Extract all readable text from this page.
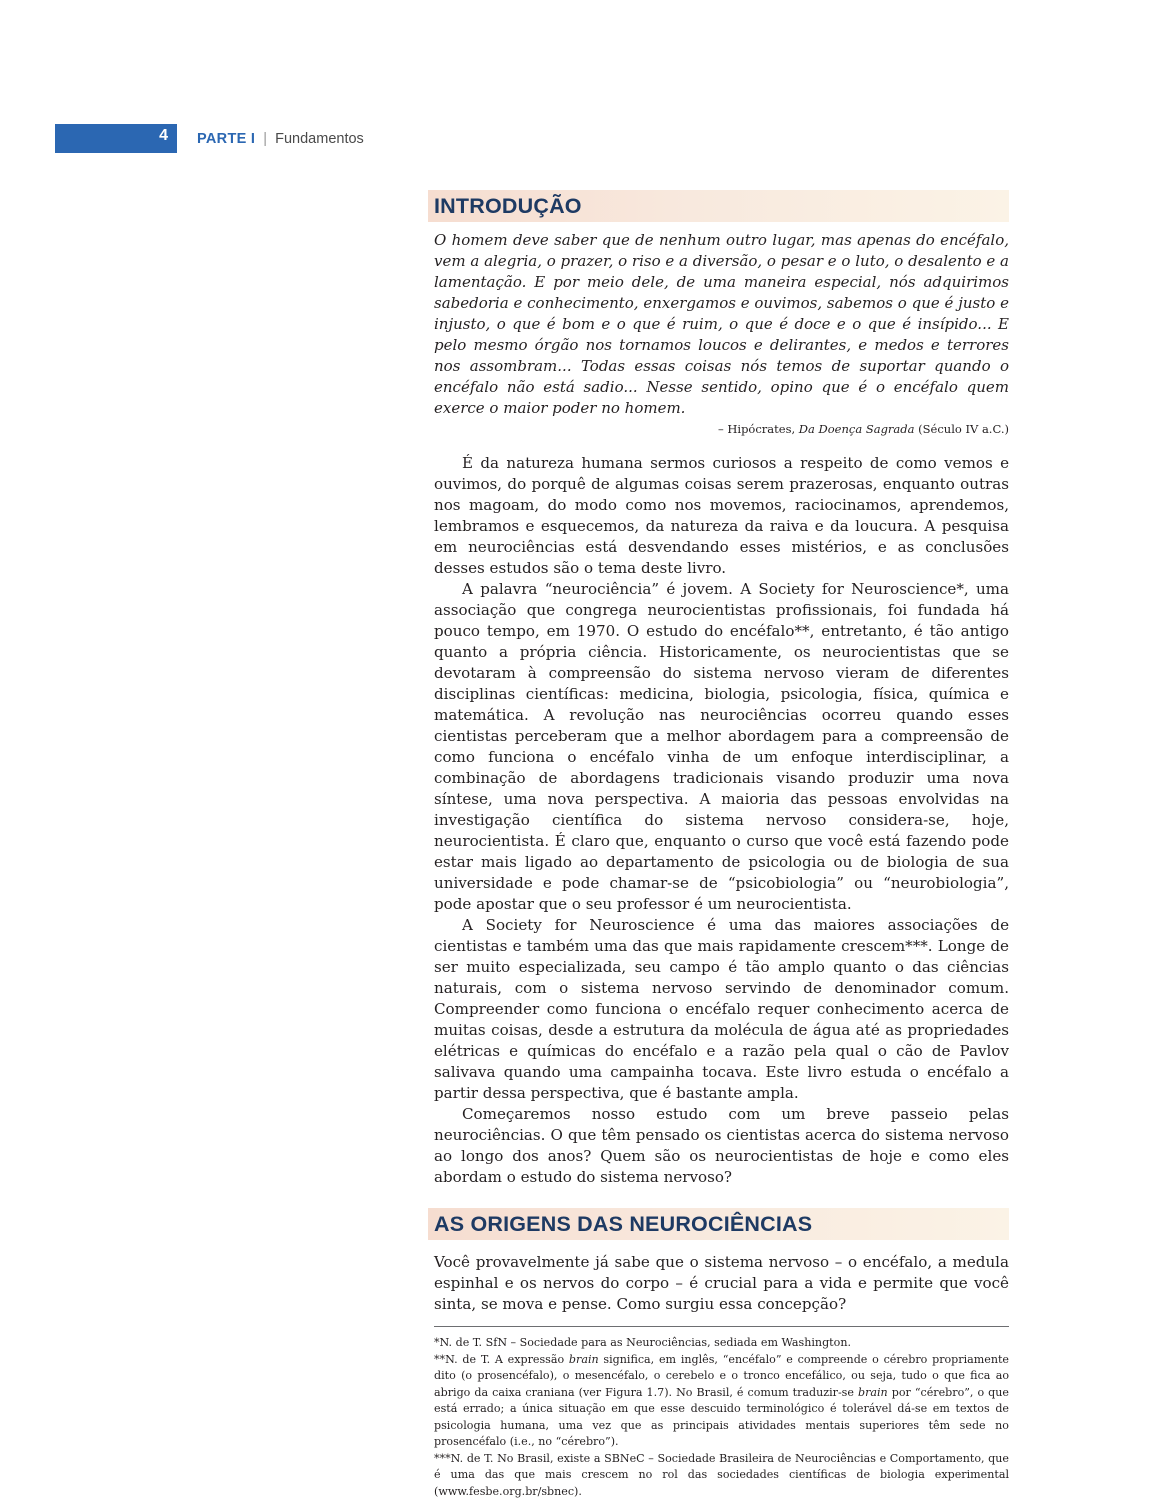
4 PARTE I  |  Fundamentos
INTRODUÇÃO

O homem deve saber que de nenhum outro lugar, mas apenas do encéfalo, vem a alegria, o prazer, o riso e a diversão, o pesar e o luto, o desalento e a lamentação. E por meio dele, de uma maneira especial, nós adquirimos sabedoria e conhecimento, enxergamos e ouvimos, sabemos o que é justo e injusto, o que é bom e o que é ruim, o que é doce e o que é insípido... E pelo mesmo órgão nos tornamos loucos e delirantes, e medos e terrores nos assombram... Todas essas coisas nós temos de suportar quando o encéfalo não está sadio... Nesse sentido, opino que é o encéfalo quem exerce o maior poder no homem.

– Hipócrates, Da Doença Sagrada (Século IV a.C.)

É da natureza humana sermos curiosos a respeito de como vemos e ouvimos, do porquê de algumas coisas serem prazerosas, enquanto outras nos magoam, do modo como nos movemos, raciocinamos, aprendemos, lembramos e esquecemos, da natureza da raiva e da loucura. A pesquisa em neurociências está desvendando esses mistérios, e as conclusões desses estudos são o tema deste livro.

A palavra “neurociência” é jovem. A Society for Neuroscience*, uma associação que congrega neurocientistas profissionais, foi fundada há pouco tempo, em 1970. O estudo do encéfalo**, entretanto, é tão antigo quanto a própria ciência. Historicamente, os neurocientistas que se devotaram à compreensão do sistema nervoso vieram de diferentes disciplinas científicas: medicina, biologia, psicologia, física, química e matemática. A revolução nas neurociências ocorreu quando esses cientistas perceberam que a melhor abordagem para a compreensão de como funciona o encéfalo vinha de um enfoque interdisciplinar, a combinação de abordagens tradicionais visando produzir uma nova síntese, uma nova perspectiva. A maioria das pessoas envolvidas na investigação científica do sistema nervoso considera-se, hoje, neurocientista. É claro que, enquanto o curso que você está fazendo pode estar mais ligado ao departamento de psicologia ou de biologia de sua universidade e pode chamar-se de “psicobiologia” ou “neurobiologia”, pode apostar que o seu professor é um neurocientista.

A Society for Neuroscience é uma das maiores associações de cientistas e também uma das que mais rapidamente crescem***. Longe de ser muito especializada, seu campo é tão amplo quanto o das ciências naturais, com o sistema nervoso servindo de denominador comum. Compreender como funciona o encéfalo requer conhecimento acerca de muitas coisas, desde a estrutura da molécula de água até as propriedades elétricas e químicas do encéfalo e a razão pela qual o cão de Pavlov salivava quando uma campainha tocava. Este livro estuda o encéfalo a partir dessa perspectiva, que é bastante ampla.

Começaremos nosso estudo com um breve passeio pelas neurociências. O que têm pensado os cientistas acerca do sistema nervoso ao longo dos anos? Quem são os neurocientistas de hoje e como eles abordam o estudo do sistema nervoso?

AS ORIGENS DAS NEUROCIÊNCIAS

Você provavelmente já sabe que o sistema nervoso – o encéfalo, a medula espinhal e os nervos do corpo – é crucial para a vida e permite que você sinta, se mova e pense. Como surgiu essa concepção?

*N. de T. SfN – Sociedade para as Neurociências, sediada em Washington.

**N. de T. A expressão brain significa, em inglês, “encéfalo” e compreende o cérebro propriamente dito (o prosencéfalo), o mesencéfalo, o cerebelo e o tronco encefálico, ou seja, tudo o que fica ao abrigo da caixa craniana (ver Figura 1.7). No Brasil, é comum traduzir-se brain por “cérebro”, o que está errado; a única situação em que esse descuido terminológico é tolerável dá-se em textos de psicologia humana, uma vez que as principais atividades mentais superiores têm sede no prosencéfalo (i.e., no “cérebro”).

***N. de T. No Brasil, existe a SBNeC – Sociedade Brasileira de Neurociências e Comportamento, que é uma das que mais crescem no rol das sociedades científicas de biologia experimental (www.fesbe.org.br/sbnec).
